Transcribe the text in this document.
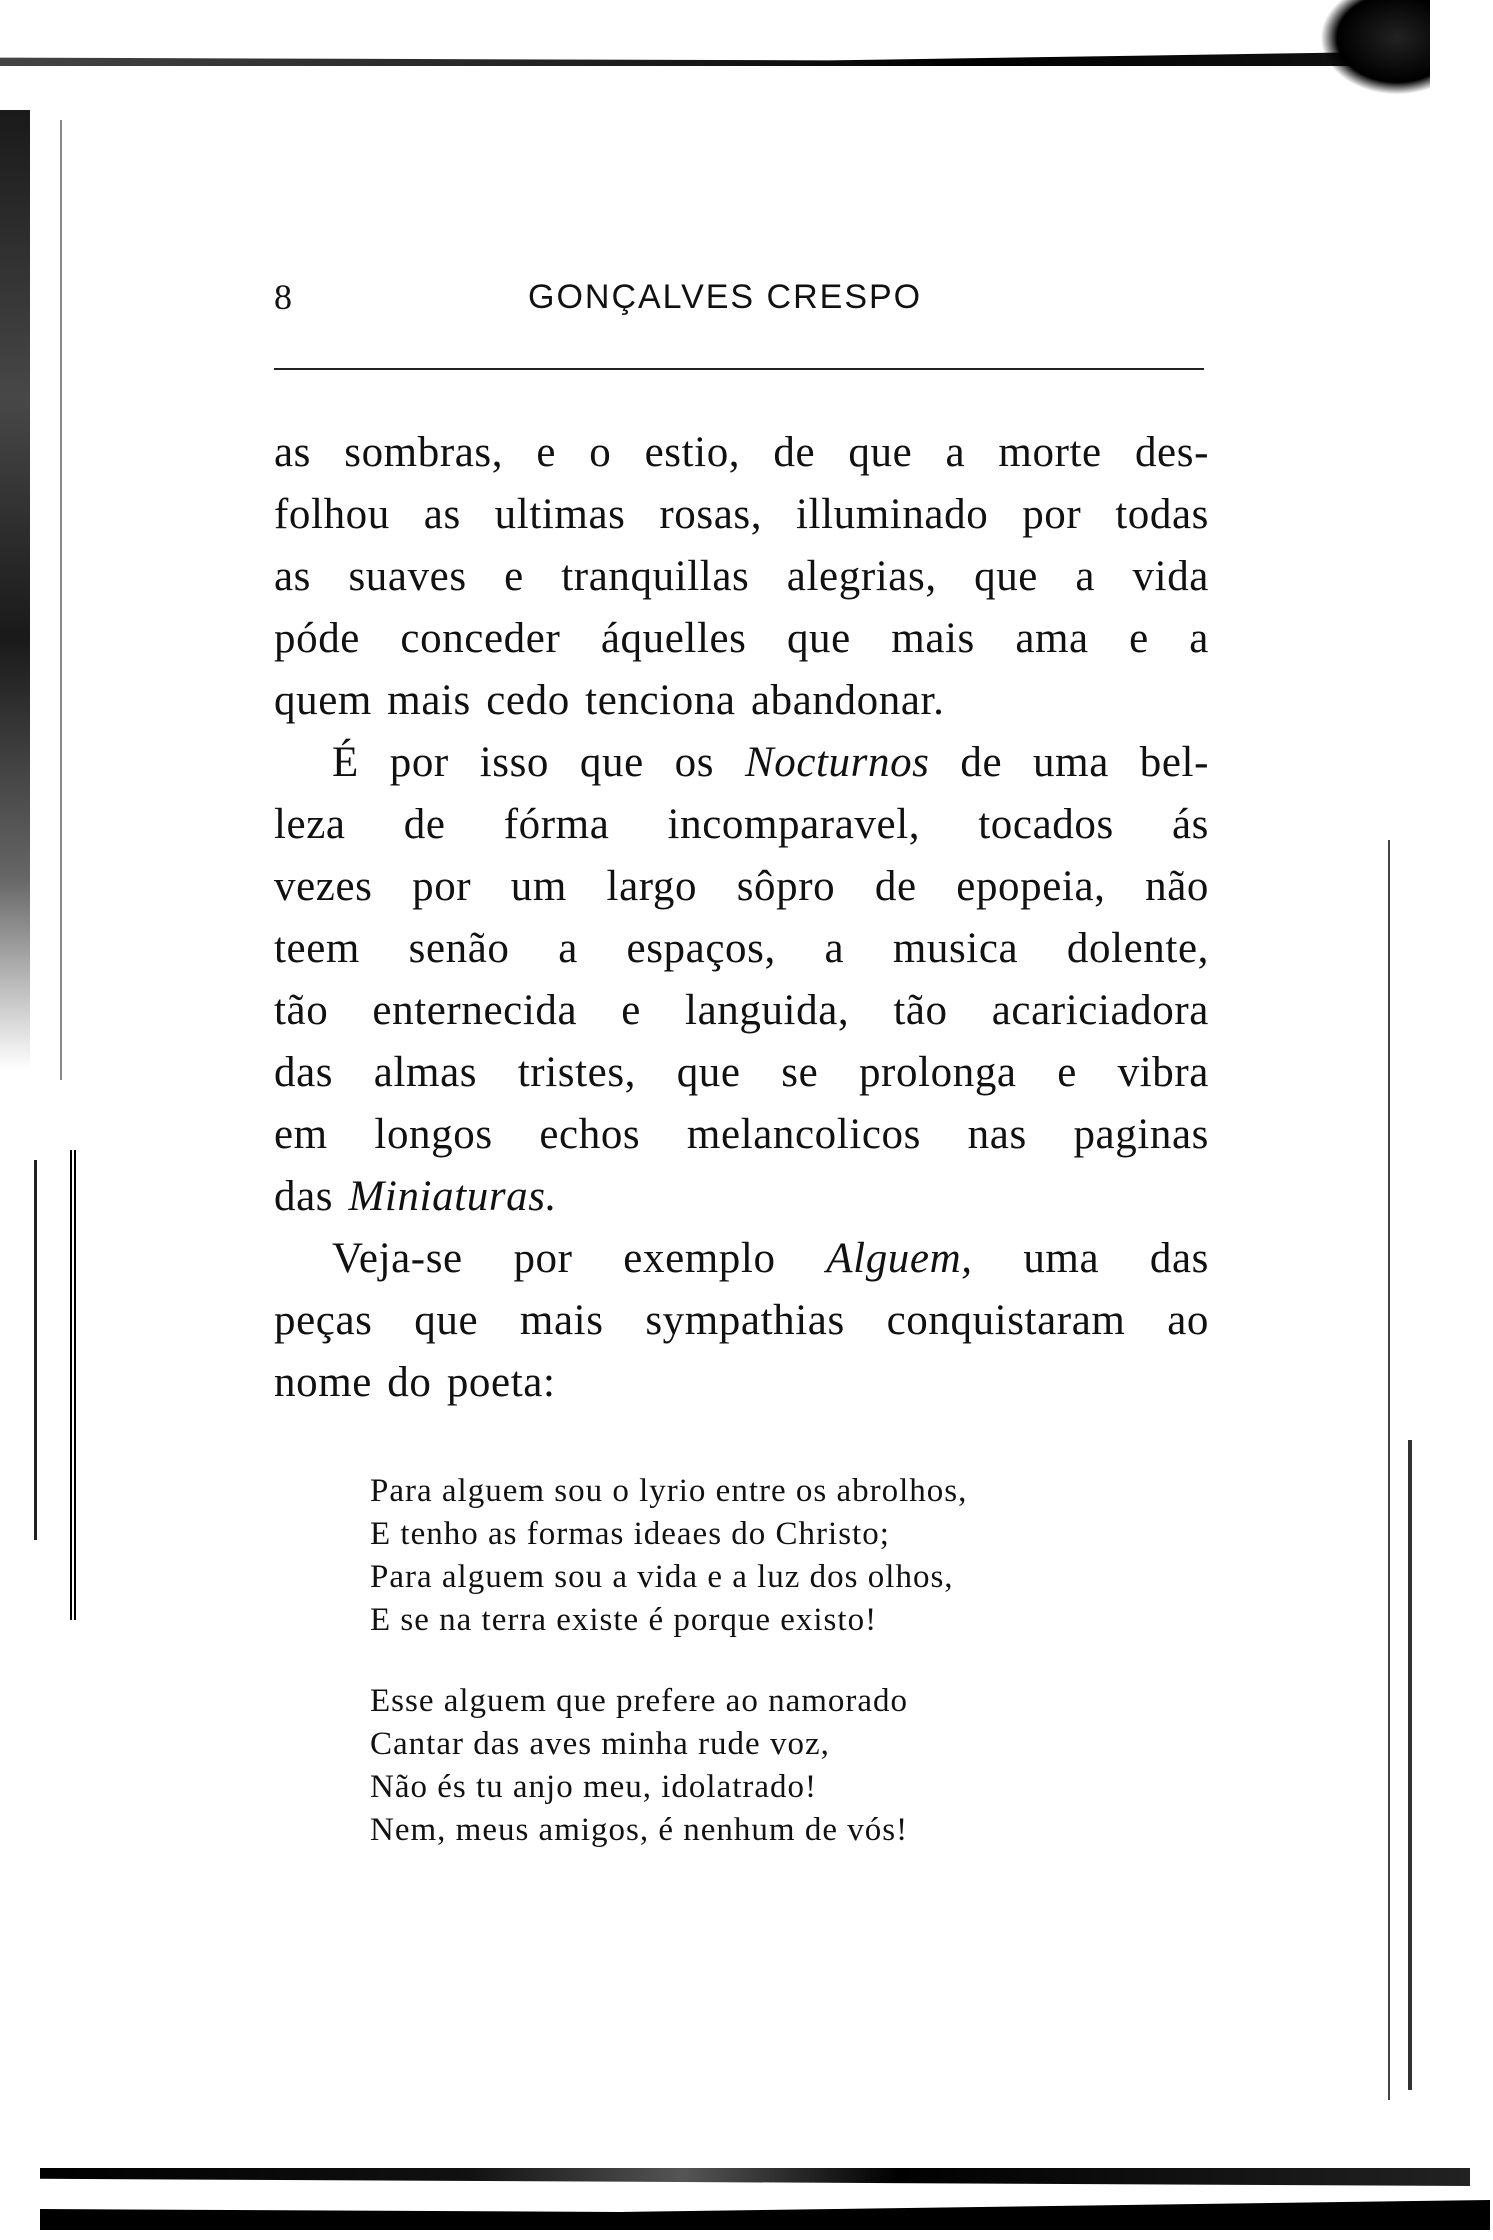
8	GONÇALVES CRESPO
as sombras, e o estio, de que a morte des-
folhou as ultimas rosas, illuminado por todas
as suaves e tranquillas alegrias, que a vida
póde conceder áquelles que mais ama e a
quem mais cedo tenciona abandonar.
É por isso que os Nocturnos de uma bel-
leza de fórma incomparavel, tocados ás
vezes por um largo sôpro de epopeia, não
teem senão a espaços, a musica dolente,
tão enternecida e languida, tão acariciadora
das almas tristes, que se prolonga e vibra
em longos echos melancolicos nas paginas
das Miniaturas.
Veja-se por exemplo Alguem, uma das
peças que mais sympathias conquistaram ao
nome do poeta:
Para alguem sou o lyrio entre os abrolhos,
E tenho as formas ideaes do Christo;
Para alguem sou a vida e a luz dos olhos,
E se na terra existe é porque existo!
Esse alguem que prefere ao namorado
Cantar das aves minha rude voz,
Não és tu anjo meu, idolatrado!
Nem, meus amigos, é nenhum de vós!
